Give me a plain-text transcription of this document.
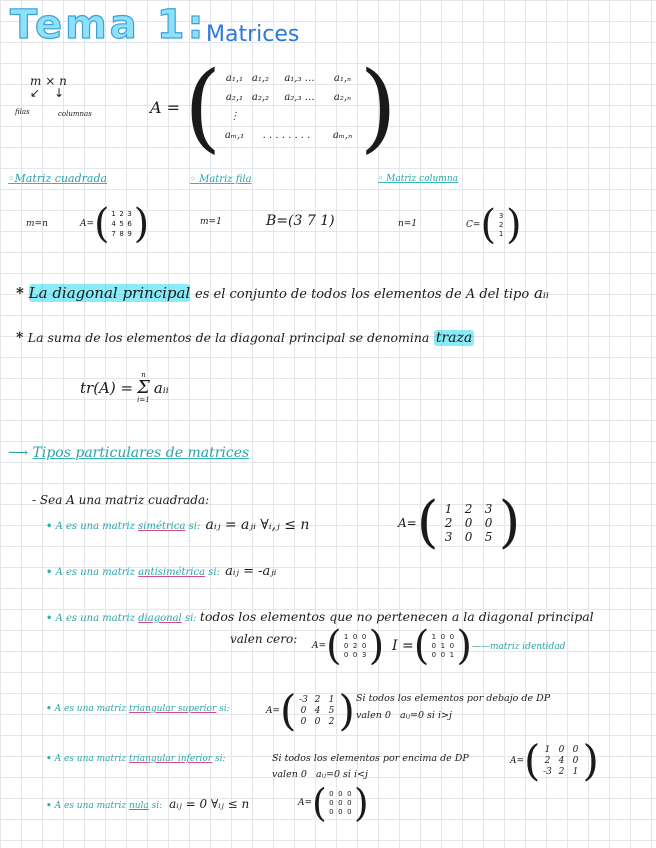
Tema 1: Matrices
m × n
filas	columnas
↙ ↓
A = ( a₁,₁ a₁,₂	a₁,₃ …	a₁,ₙ
a₂,₁ a₂,₂	a₂,₃ …	a₂,ₙ
⋮
aₘ,₁	. . . . . . . .	aₘ,ₙ )
◦Matriz cuadrada	◦ Matriz fila	◦ Matriz columna
m=n	A= ( 1 2 3
4 5 6
7 8 9 )	m=1	B=(3 7 1)	n=1	C= ( 3
2
1 )
* La diagonal principal es el conjunto de todos los elementos de A del tipo aᵢᵢ
* La suma de los elementos de la diagonal principal se denomina traza
tr(A) =
n
Σ
i=1
aᵢᵢ
⟶ Tipos particulares de matrices
- Sea A una matriz cuadrada:
• A es una matriz simétrica si: aᵢⱼ = aⱼᵢ ∀ᵢ,ⱼ ≤ n	A= ( 1	2	3
2	0	0
3	0	5 )
• A es una matriz antisimétrica si: aᵢⱼ = -aⱼᵢ
• A es una matriz diagonal si: todos los elementos que no pertenecen a la diagonal principal
valen cero: A= ( 1 0 0
0 2 0
0 0 3 ) I = ( 1 0 0
0 1 0
0 0 1 ) ——matriz identidad
• A es una matriz triangular superior si:	A= ( -3 2 1
0 4 5
0 0 2 ) Si todos los elementos por debajo de DP
valen 0 aᵢⱼ=0 si i>j
• A es una matriz triangular inferior si:	Si todos los elementos por encima de DP
valen 0 aᵢⱼ=0 si i<j
A= ( 1 0 0
2 4 0
-3 2 1 )
• A es una matriz nula si: aᵢⱼ = 0 ∀ᵢⱼ ≤ n	A= ( 0 0 0
0 0 0
0 0 0 )
